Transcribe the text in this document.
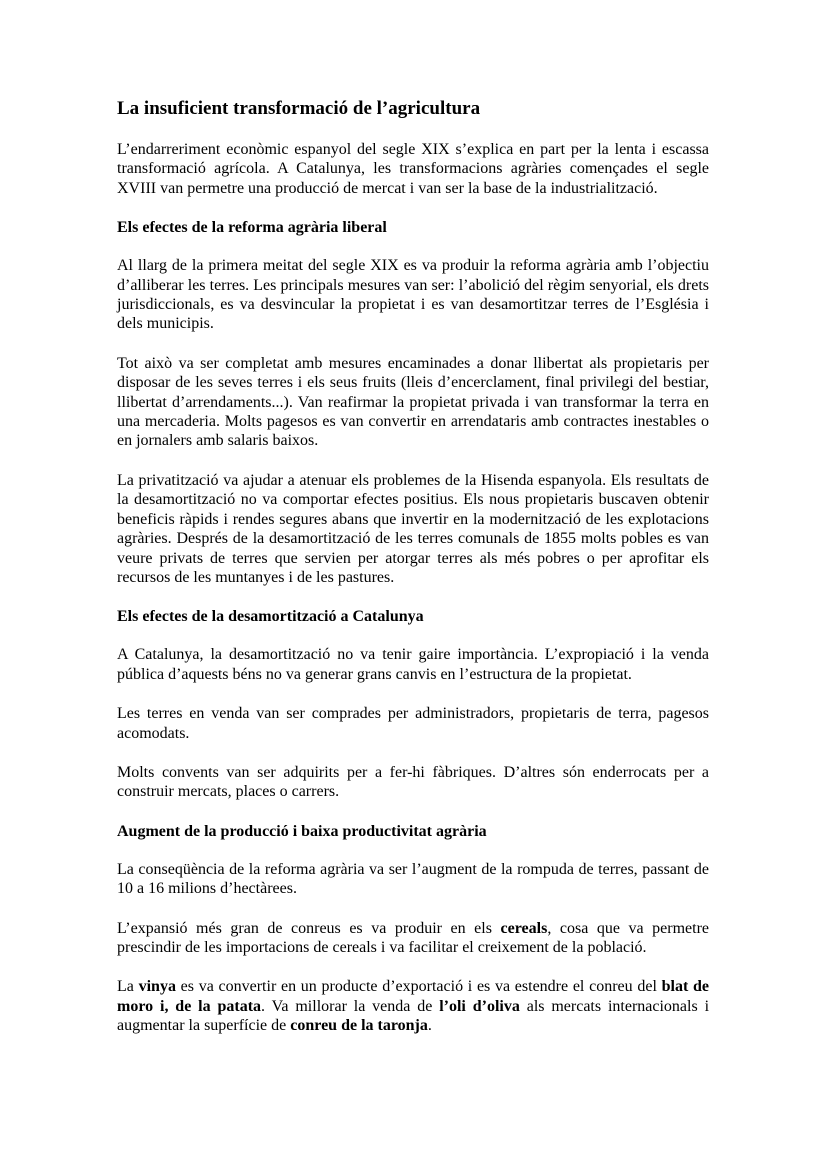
La insuficient transformació de l’agricultura

L’endarreriment econòmic espanyol del segle XIX s’explica en part per la lenta i escassa transformació agrícola. A Catalunya, les transformacions agràries començades el segle XVIII van permetre una producció de mercat i van ser la base de la industrialització.

Els efectes de la reforma agrària liberal

Al llarg de la primera meitat del segle XIX es va produir la reforma agrària amb l’objectiu d’alliberar les terres. Les principals mesures van ser: l’abolició del règim senyorial, els drets jurisdiccionals, es va desvincular la propietat i es van desamortitzar terres de l’Església i dels municipis.

Tot això va ser completat amb mesures encaminades a donar llibertat als propietaris per disposar de les seves terres i els seus fruits (lleis d’encerclament, final privilegi del bestiar, llibertat d’arrendaments...). Van reafirmar la propietat privada i van transformar la terra en una mercaderia. Molts pagesos es van convertir en arrendataris amb contractes inestables o en jornalers amb salaris baixos.

La privatització va ajudar a atenuar els problemes de la Hisenda espanyola. Els resultats de la desamortització no va comportar efectes positius. Els nous propietaris buscaven obtenir beneficis ràpids i rendes segures abans que invertir en la modernització de les explotacions agràries. Després de la desamortització de les terres comunals de 1855 molts pobles es van veure privats de terres que servien per atorgar terres als més pobres o per aprofitar els recursos de les muntanyes i de les pastures.

Els efectes de la desamortització a Catalunya

A Catalunya, la desamortització no va tenir gaire importància. L’expropiació i la venda pública d’aquests béns no va generar grans canvis en l’estructura de la propietat.

Les terres en venda van ser comprades per administradors, propietaris de terra, pagesos acomodats.

Molts convents van ser adquirits per a fer-hi fàbriques. D’altres són enderrocats per a construir mercats, places o carrers.

Augment de la producció i baixa productivitat agrària

La conseqüència de la reforma agrària va ser l’augment de la rompuda de terres, passant de 10 a 16 milions d’hectàrees.

L’expansió més gran de conreus es va produir en els cereals, cosa que va permetre prescindir de les importacions de cereals i va facilitar el creixement de la població.

La vinya es va convertir en un producte d’exportació i es va estendre el conreu del blat de moro i, de la patata. Va millorar la venda de l’oli d’oliva als mercats internacionals i augmentar la superfície de conreu de la taronja.
